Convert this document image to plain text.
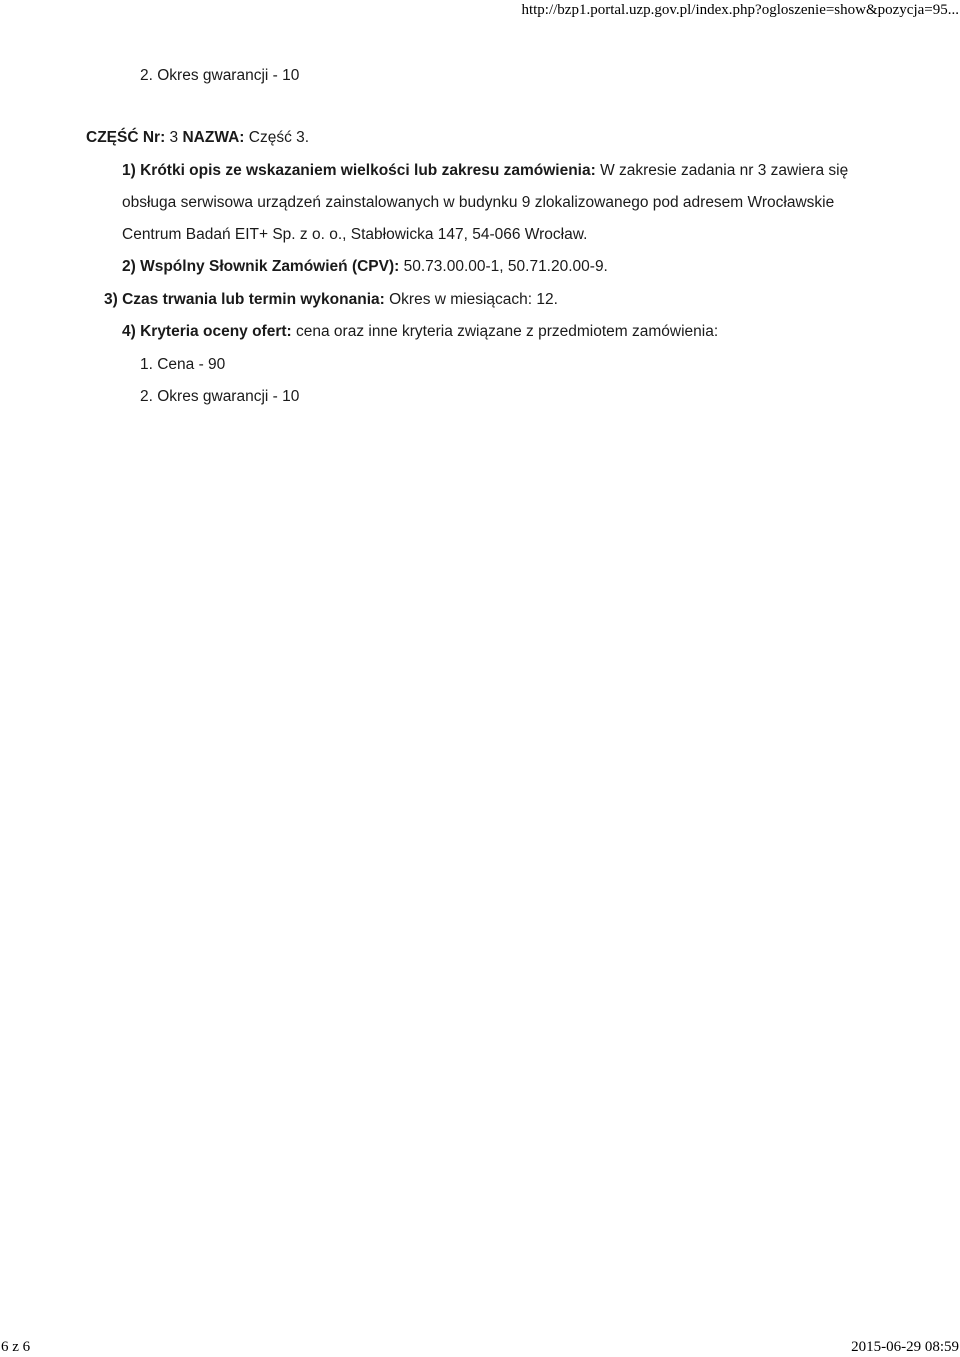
http://bzp1.portal.uzp.gov.pl/index.php?ogloszenie=show&pozycja=95...
2. Okres gwarancji - 10
CZĘŚĆ Nr: 3 NAZWA: Część 3.
1) Krótki opis ze wskazaniem wielkości lub zakresu zamówienia: W zakresie zadania nr 3 zawiera się
obsługa serwisowa urządzeń zainstalowanych w budynku 9 zlokalizowanego pod adresem Wrocławskie
Centrum Badań EIT+ Sp. z o. o., Stabłowicka 147, 54-066 Wrocław.
2) Wspólny Słownik Zamówień (CPV): 50.73.00.00-1, 50.71.20.00-9.
3) Czas trwania lub termin wykonania: Okres w miesiącach: 12.
4) Kryteria oceny ofert: cena oraz inne kryteria związane z przedmiotem zamówienia:
1. Cena - 90
2. Okres gwarancji - 10
6 z 6	2015-06-29 08:59
